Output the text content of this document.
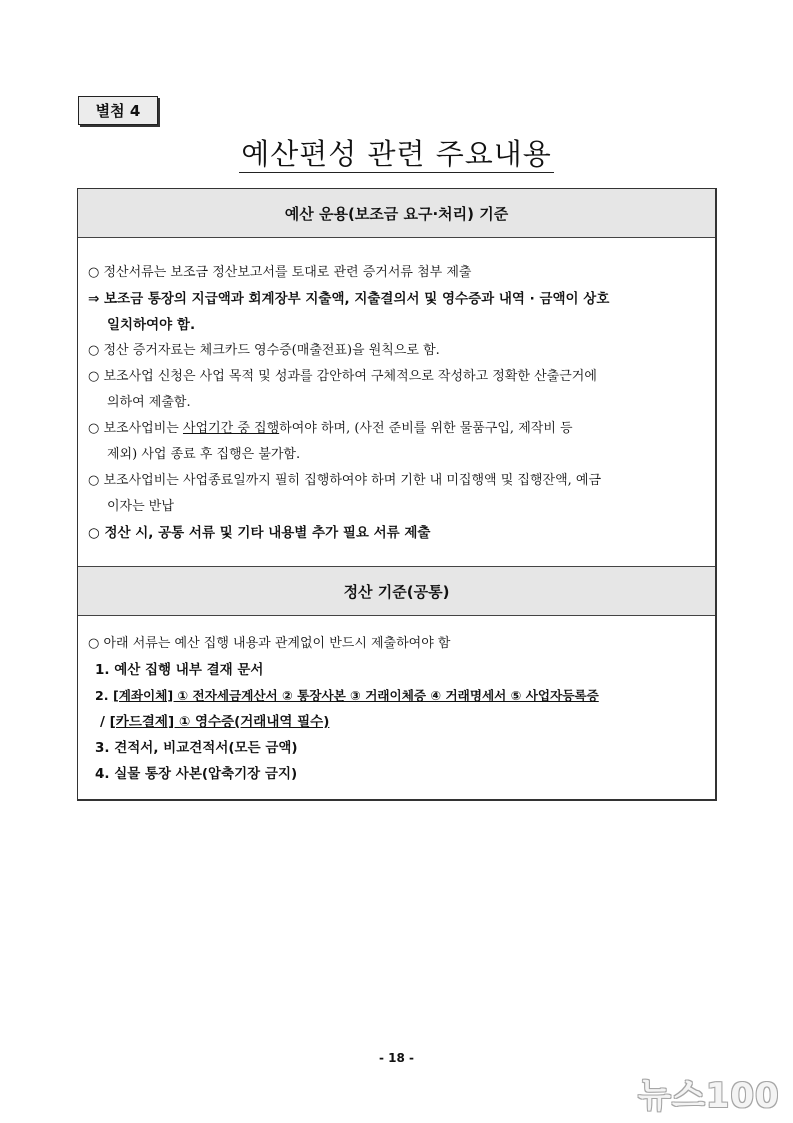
별첨 4
예산편성 관련 주요내용
예산 운용(보조금 요구·처리) 기준
○ 정산서류는 보조금 정산보고서를 토대로 관련 증거서류 첨부 제출
⇒ 보조금 통장의 지급액과 회계장부 지출액, 지출결의서 및 영수증과 내역 · 금액이 상호
일치하여야 함.
○ 정산 증거자료는 체크카드 영수증(매출전표)을 원칙으로 함.
○ 보조사업 신청은 사업 목적 및 성과를 감안하여 구체적으로 작성하고 정확한 산출근거에
의하여 제출함.
○ 보조사업비는 사업기간 중 집행하여야 하며, (사전 준비를 위한 물품구입, 제작비 등
제외) 사업 종료 후 집행은 불가함.
○ 보조사업비는 사업종료일까지 필히 집행하여야 하며 기한 내 미집행액 및 집행잔액, 예금
이자는 반납
○ 정산 시, 공통 서류 및 기타 내용별 추가 필요 서류 제출
정산 기준(공통)
○ 아래 서류는 예산 집행 내용과 관계없이 반드시 제출하여야 함
1. 예산 집행 내부 결재 문서
2. [계좌이체] ① 전자세금계산서 ② 통장사본 ③ 거래이체증 ④ 거래명세서 ⑤ 사업자등록증
/ [카드결제] ① 영수증(거래내역 필수)
3. 견적서, 비교견적서(모든 금액)
4. 실물 통장 사본(압축기장 금지)
- 18 -
뉴스100
